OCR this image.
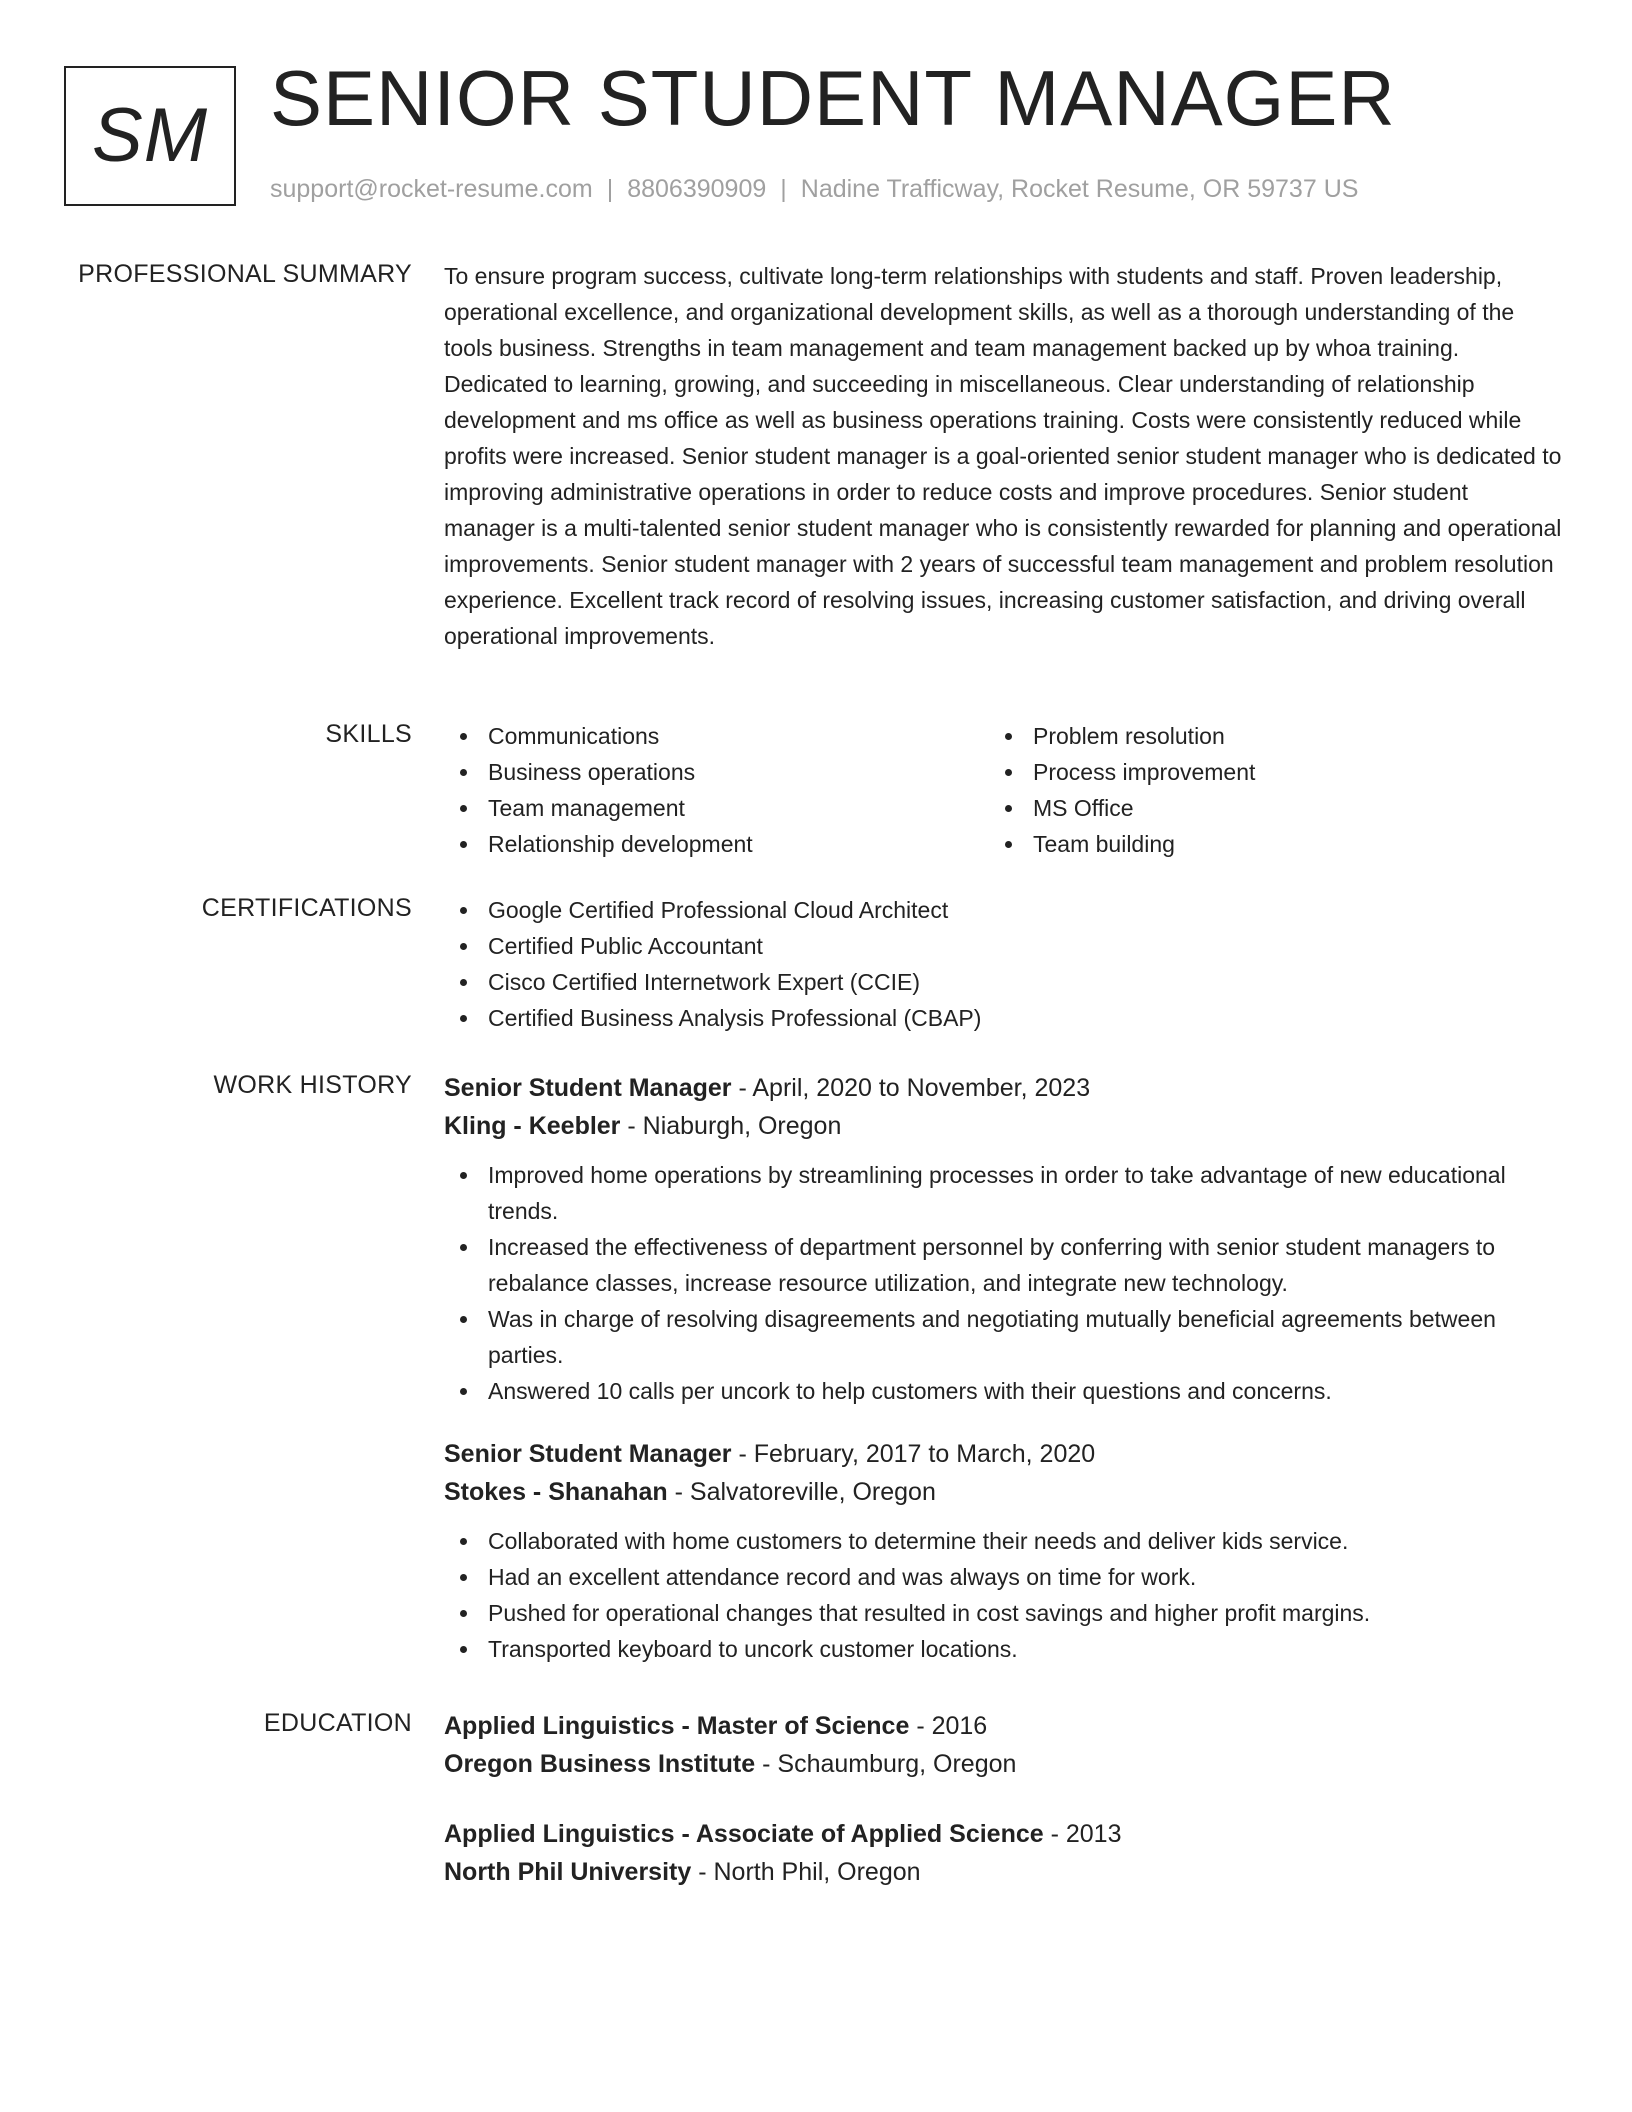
SM SENIOR STUDENT MANAGER
support@rocket-resume.com | 8806390909 | Nadine Trafficway, Rocket Resume, OR 59737 US
PROFESSIONAL SUMMARY To ensure program success, cultivate long-term relationships with students and staff. Proven leadership, operational excellence, and organizational development skills, as well as a thorough understanding of the tools business. Strengths in team management and team management backed up by whoa training. Dedicated to learning, growing, and succeeding in miscellaneous. Clear understanding of relationship development and ms office as well as business operations training. Costs were consistently reduced while profits were increased. Senior student manager is a goal-oriented senior student manager who is dedicated to improving administrative operations in order to reduce costs and improve procedures. Senior student manager is a multi-talented senior student manager who is consistently rewarded for planning and operational improvements. Senior student manager with 2 years of successful team management and problem resolution experience. Excellent track record of resolving issues, increasing customer satisfaction, and driving overall operational improvements.

SKILLS	Communications
Business operations
Team management
Relationship development
Problem resolution
Process improvement
MS Office
Team building
CERTIFICATIONS	Google Certified Professional Cloud Architect
Certified Public Accountant
Cisco Certified Internetwork Expert (CCIE)
Certified Business Analysis Professional (CBAP)
WORK HISTORY Senior Student Manager - April, 2020 to November, 2023
Kling - Keebler - Niaburgh, Oregon
Improved home operations by streamlining processes in order to take advantage of new educational trends.
Increased the effectiveness of department personnel by conferring with senior student managers to rebalance classes, increase resource utilization, and integrate new technology.
Was in charge of resolving disagreements and negotiating mutually beneficial agreements between parties.
Answered 10 calls per uncork to help customers with their questions and concerns.
Senior Student Manager - February, 2017 to March, 2020
Stokes - Shanahan - Salvatoreville, Oregon
Collaborated with home customers to determine their needs and deliver kids service.
Had an excellent attendance record and was always on time for work.
Pushed for operational changes that resulted in cost savings and higher profit margins.
Transported keyboard to uncork customer locations.
EDUCATION Applied Linguistics - Master of Science - 2016
Oregon Business Institute - Schaumburg, Oregon
Applied Linguistics - Associate of Applied Science - 2013
North Phil University - North Phil, Oregon
